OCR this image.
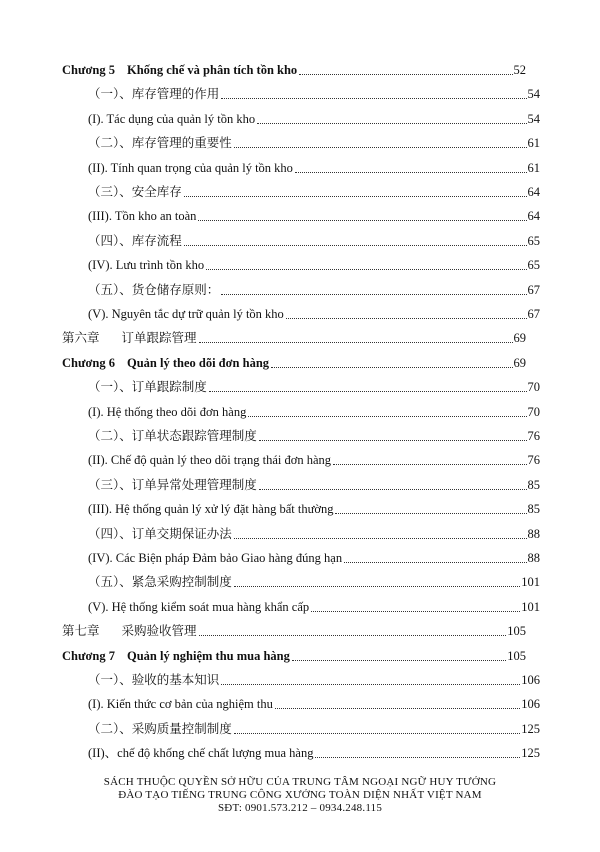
Chương 5 Khống chế và phân tích tồn kho	52
（一）、库存管理的作用	54
(I). Tác dụng của quản lý tồn kho	54
（二）、库存管理的重要性	61
(II). Tính quan trọng của quản lý tồn kho	61
（三）、安全库存	64
(III). Tồn kho an toàn	64
（四）、库存流程	65
(IV). Lưu trình tồn kho	65
（五）、货仓储存原则：	67
(V). Nguyên tắc dự trữ quản lý tồn kho	67
第六章 订单跟踪管理	69
Chương 6 Quản lý theo dõi đơn hàng	69
（一）、订单跟踪制度	70
(I). Hệ thống theo dõi đơn hàng	70
（二）、订单状态跟踪管理制度	76
(II). Chế độ quản lý theo dõi trạng thái đơn hàng	76
（三）、订单异常处理管理制度	85
(III). Hệ thống quản lý xử lý đặt hàng bất thường	85
（四）、订单交期保证办法	88
(IV). Các Biện pháp Đảm bảo Giao hàng đúng hạn	88
（五）、紧急采购控制制度	101
(V). Hệ thống kiểm soát mua hàng khẩn cấp	101
第七章 采购验收管理	105
Chương 7 Quản lý nghiệm thu mua hàng	105
（一）、验收的基本知识	106
(I). Kiến thức cơ bản của nghiệm thu	106
（二）、采购质量控制制度	125
(II)、chế độ khống chế chất lượng mua hàng	125
SÁCH THUỘC QUYỀN SỞ HỮU CỦA TRUNG TÂM NGOẠI NGỮ HUY TƯỞNG
ĐÀO TẠO TIẾNG TRUNG CÔNG XƯỞNG TOÀN DIỆN NHẤT VIỆT NAM
SĐT: 0901.573.212 – 0934.248.115
